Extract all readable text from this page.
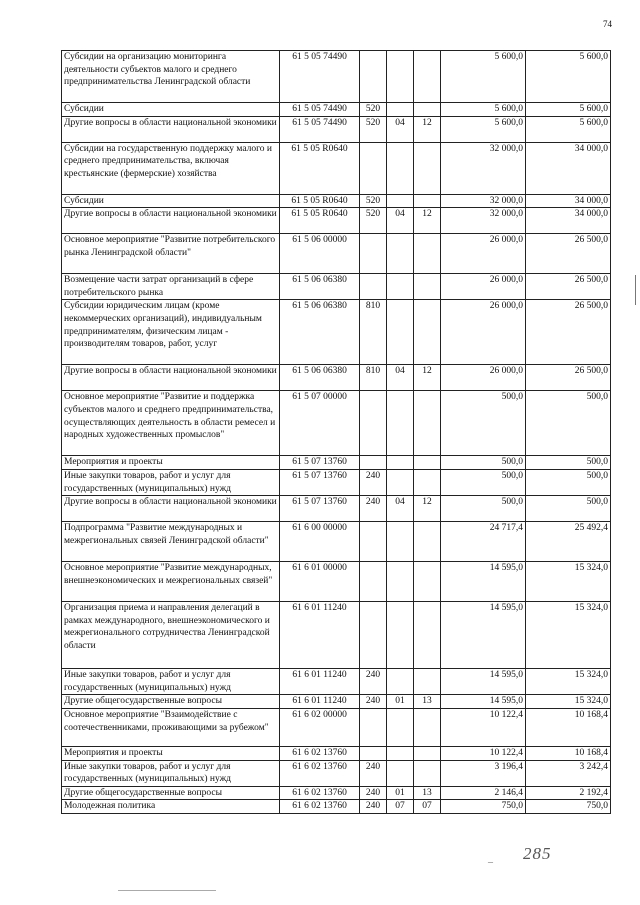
74
Субсидии на организацию мониторинга деятельности субъектов малого и среднего предпринимательства Ленинградской области	61 5 05 74490				5 600,0	5 600,0
Субсидии	61 5 05 74490	520			5 600,0	5 600,0
Другие вопросы в области национальной экономики	61 5 05 74490	520	04	12	5 600,0	5 600,0
Субсидии на государственную поддержку малого и среднего предпринимательства, включая крестьянские (фермерские) хозяйства	61 5 05 R0640				32 000,0	34 000,0
Субсидии	61 5 05 R0640	520			32 000,0	34 000,0
Другие вопросы в области национальной экономики	61 5 05 R0640	520	04	12	32 000,0	34 000,0
Основное мероприятие "Развитие потребительского рынка Ленинградской области"	61 5 06 00000				26 000,0	26 500,0
Возмещение части затрат организаций в сфере потребительского рынка	61 5 06 06380				26 000,0	26 500,0
Субсидии юридическим лицам (кроме некоммерческих организаций), индивидуальным предпринимателям, физическим лицам - производителям товаров, работ, услуг	61 5 06 06380	810			26 000,0	26 500,0
Другие вопросы в области национальной экономики	61 5 06 06380	810	04	12	26 000,0	26 500,0
Основное мероприятие "Развитие и поддержка субъектов малого и среднего предпринимательства, осуществляющих деятельность в области ремесел и народных художественных промыслов"	61 5 07 00000				500,0	500,0
Мероприятия и проекты	61 5 07 13760				500,0	500,0
Иные закупки товаров, работ и услуг для государственных (муниципальных) нужд	61 5 07 13760	240			500,0	500,0
Другие вопросы в области национальной экономики	61 5 07 13760	240	04	12	500,0	500,0
Подпрограмма "Развитие международных и межрегиональных связей Ленинградской области"	61 6 00 00000				24 717,4	25 492,4
Основное мероприятие "Развитие международных, внешнеэкономических и межрегиональных связей"	61 6 01 00000				14 595,0	15 324,0
Организация приема и направления делегаций в рамках международного, внешнеэкономического и межрегионального сотрудничества Ленинградской области	61 6 01 11240				14 595,0	15 324,0
Иные закупки товаров, работ и услуг для государственных (муниципальных) нужд	61 6 01 11240	240			14 595,0	15 324,0
Другие общегосударственные вопросы	61 6 01 11240	240	01	13	14 595,0	15 324,0
Основное мероприятие "Взаимодействие с соотечественниками, проживающими за рубежом"	61 6 02 00000				10 122,4	10 168,4
Мероприятия и проекты	61 6 02 13760				10 122,4	10 168,4
Иные закупки товаров, работ и услуг для государственных (муниципальных) нужд	61 6 02 13760	240			3 196,4	3 242,4
Другие общегосударственные вопросы	61 6 02 13760	240	01	13	2 146,4	2 192,4
Молодежная политика	61 6 02 13760	240	07	07	750,0	750,0
– 285
